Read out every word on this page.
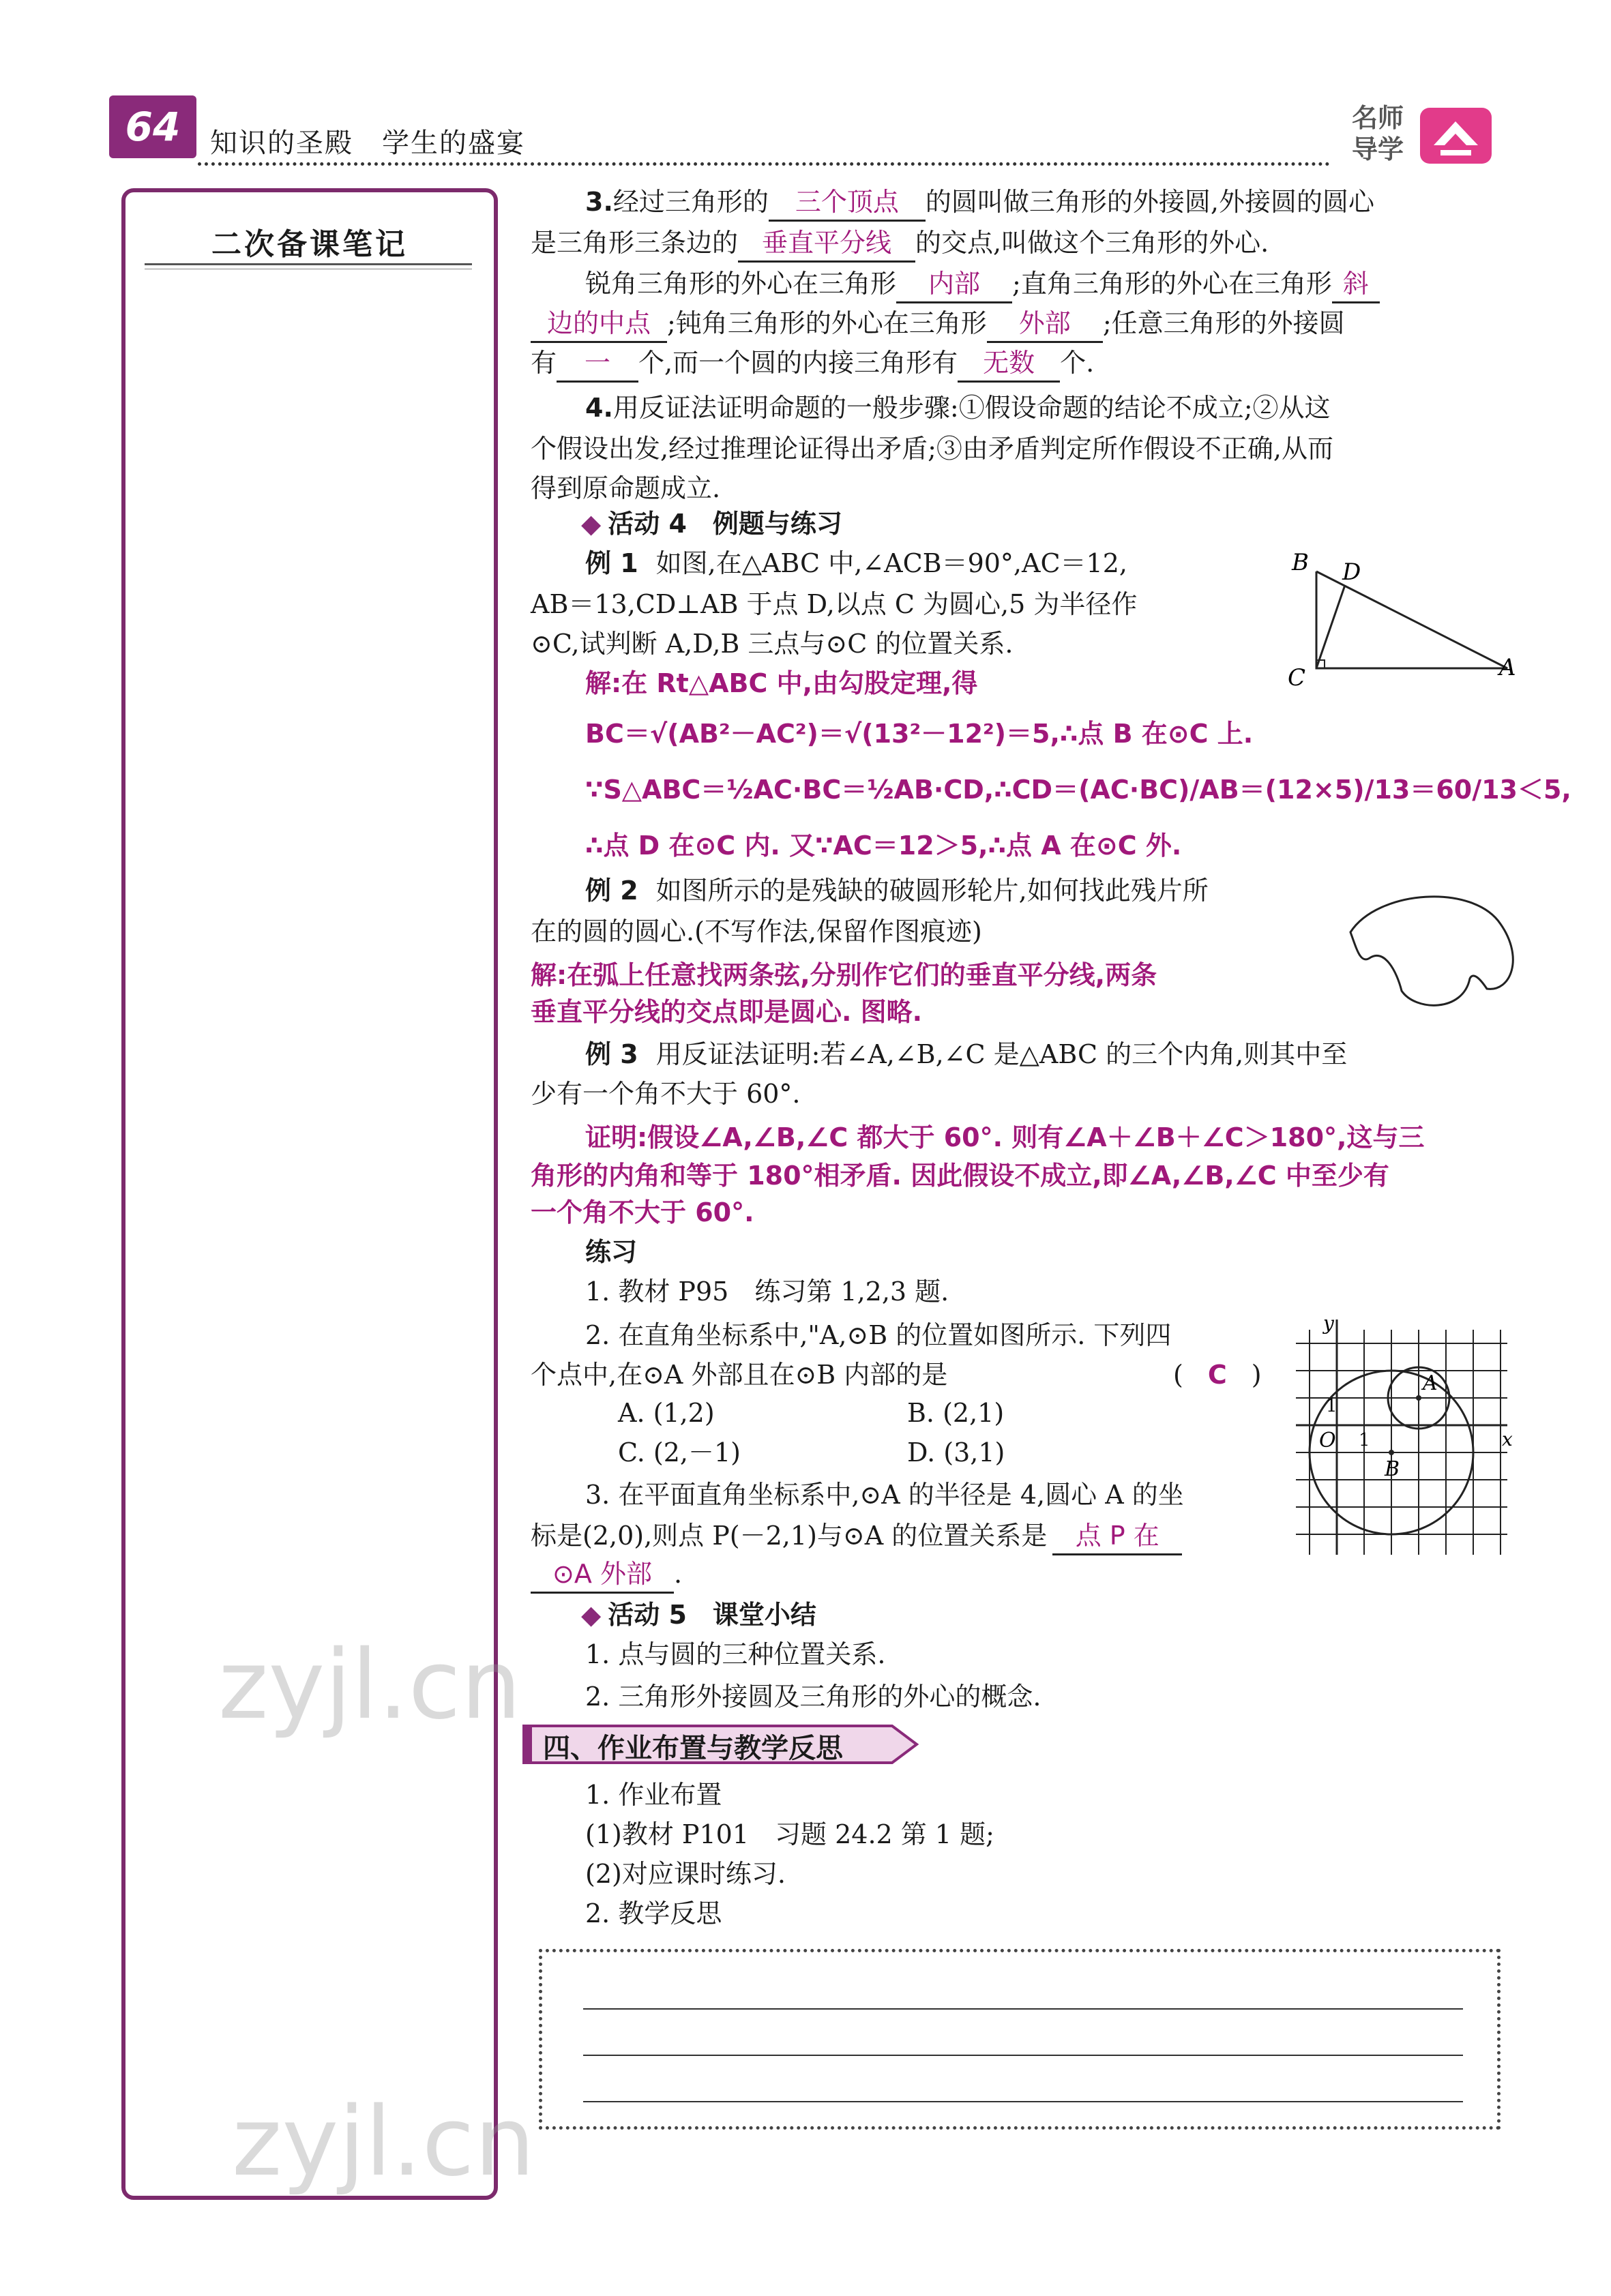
64	知识的圣殿　学生的盛宴
名师
导学
二次备课笔记
3.经过三角形的 三个顶点 的圆叫做三角形的外接圆,外接圆的圆心
是三角形三条边的 垂直平分线 的交点,叫做这个三角形的外心.
锐角三角形的外心在三角形 内部 ;直角三角形的外心在三角形 斜
边的中点 ;钝角三角形的外心在三角形 外部 ;任意三角形的外接圆
有 一 个,而一个圆的内接三角形有 无数 个.
4.用反证法证明命题的一般步骤:①假设命题的结论不成立;②从这
个假设出发,经过推理论证得出矛盾;③由矛盾判定所作假设不正确,从而
得到原命题成立.
◆ 活动 4　例题与练习
例 1 如图,在△ABC 中,∠ACB＝90°,AC＝12,
AB＝13,CD⊥AB 于点 D,以点 C 为圆心,5 为半径作
⊙C,试判断 A,D,B 三点与⊙C 的位置关系.
B D
C	A
解:在 Rt△ABC 中,由勾股定理,得
BC＝√(AB²－AC²)＝√(13²－12²)＝5,∴点 B 在⊙C 上.
∵S△ABC＝½AC·BC＝½AB·CD,∴CD＝(AC·BC)/AB＝(12×5)/13＝60/13＜5,
∴点 D 在⊙C 内. 又∵AC＝12＞5,∴点 A 在⊙C 外.
例 2 如图所示的是残缺的破圆形轮片,如何找此残片所
在的圆的圆心.(不写作法,保留作图痕迹)
解:在弧上任意找两条弦,分别作它们的垂直平分线,两条
垂直平分线的交点即是圆心. 图略.
例 3 用反证法证明:若∠A,∠B,∠C 是△ABC 的三个内角,则其中至
少有一个角不大于 60°.
证明:假设∠A,∠B,∠C 都大于 60°. 则有∠A＋∠B＋∠C＞180°,这与三
角形的内角和等于 180°相矛盾. 因此假设不成立,即∠A,∠B,∠C 中至少有
一个角不大于 60°.
练习
1. 教材 P95　练习第 1,2,3 题.
2. 在直角坐标系中,"A,⊙B 的位置如图所示. 下列四
个点中,在⊙A 外部且在⊙B 内部的是	( C )
A. (1,2)	B. (2,1)
C. (2,－1)	D. (3,1)
3. 在平面直角坐标系中,⊙A 的半径是 4,圆心 A 的坐
标是(2,0),则点 P(－2,1)与⊙A 的位置关系是 点 P 在
⊙A 外部 .
y
x
O
1
1
A
B
◆ 活动 5　课堂小结
1. 点与圆的三种位置关系.
2. 三角形外接圆及三角形的外心的概念.
四、作业布置与教学反思
1. 作业布置
(1)教材 P101　习题 24.2 第 1 题;
(2)对应课时练习.
2. 教学反思
zyjl.cn
zyjl.cn
